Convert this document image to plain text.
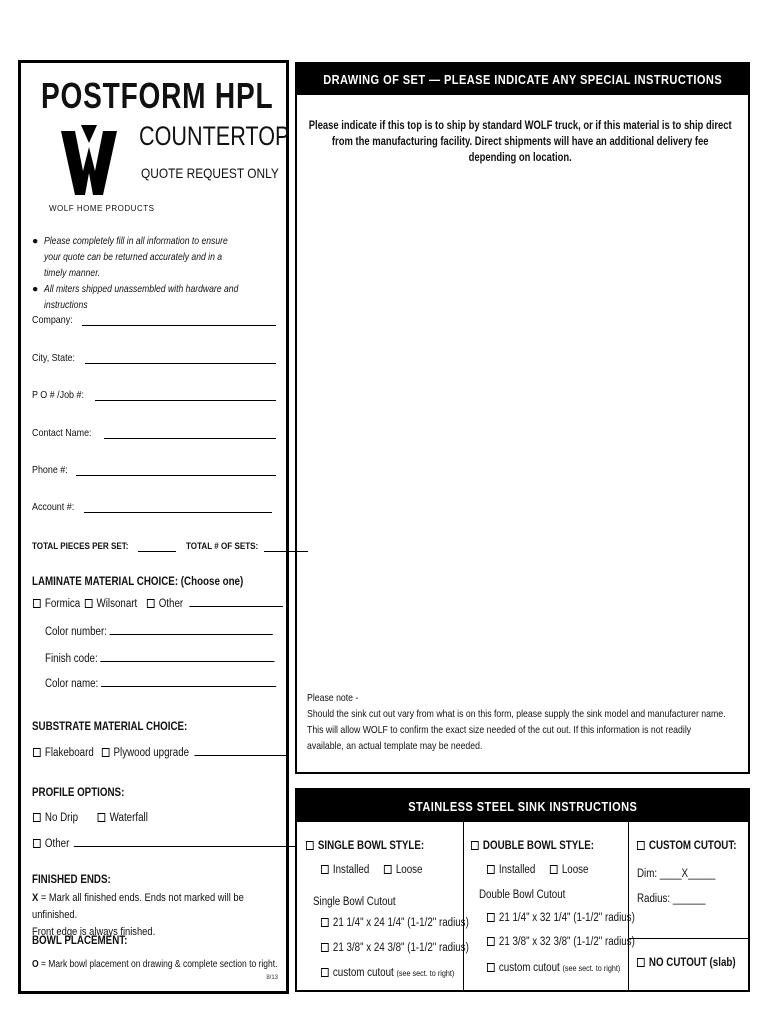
POSTFORM HPL
COUNTERTOP
QUOTE REQUEST ONLY
WOLF HOME PRODUCTS
● Please completely fill in all information to ensure your quote can be returned accurately and in a timely manner.
● All miters shipped unassembled with hardware and instructions
Company:
City, State:
P O # /Job #:
Contact Name:
Phone #:
Account #:
TOTAL PIECES PER SET:	TOTAL # OF SETS:
LAMINATE MATERIAL CHOICE: (Choose one)
Formica Wilsonart Other
Color number:
Finish code:
Color name:
SUBSTRATE MATERIAL CHOICE:
Flakeboard Plywood upgrade
PROFILE OPTIONS:
No Drip	Waterfall
Other
FINISHED ENDS:
X = Mark all finished ends. Ends not marked will be unfinished.
Front edge is always finished.
BOWL PLACEMENT:
O = Mark bowl placement on drawing & complete section to right.
8/13
DRAWING OF SET — PLEASE INDICATE ANY SPECIAL INSTRUCTIONS
Please indicate if this top is to ship by standard WOLF truck, or if this material is to ship direct from the manufacturing facility. Direct shipments will have an additional delivery fee depending on location.
Please note -
Should the sink cut out vary from what is on this form, please supply the sink model and manufacturer name. This will allow WOLF to confirm the exact size needed of the cut out. If this information is not readily available, an actual template may be needed.
STAINLESS STEEL SINK INSTRUCTIONS
SINGLE BOWL STYLE:
Installed Loose
Single Bowl Cutout
21 1/4" x 24 1/4" (1-1/2" radius)
21 3/8" x 24 3/8" (1-1/2" radius)
custom cutout (see sect. to right)
DOUBLE BOWL STYLE:
Installed Loose
Double Bowl Cutout
21 1/4" x 32 1/4" (1-1/2" radius)
21 3/8" x 32 3/8" (1-1/2" radius)
custom cutout (see sect. to right)
CUSTOM CUTOUT:
Dim: ____X_____
Radius: ______
NO CUTOUT (slab)
